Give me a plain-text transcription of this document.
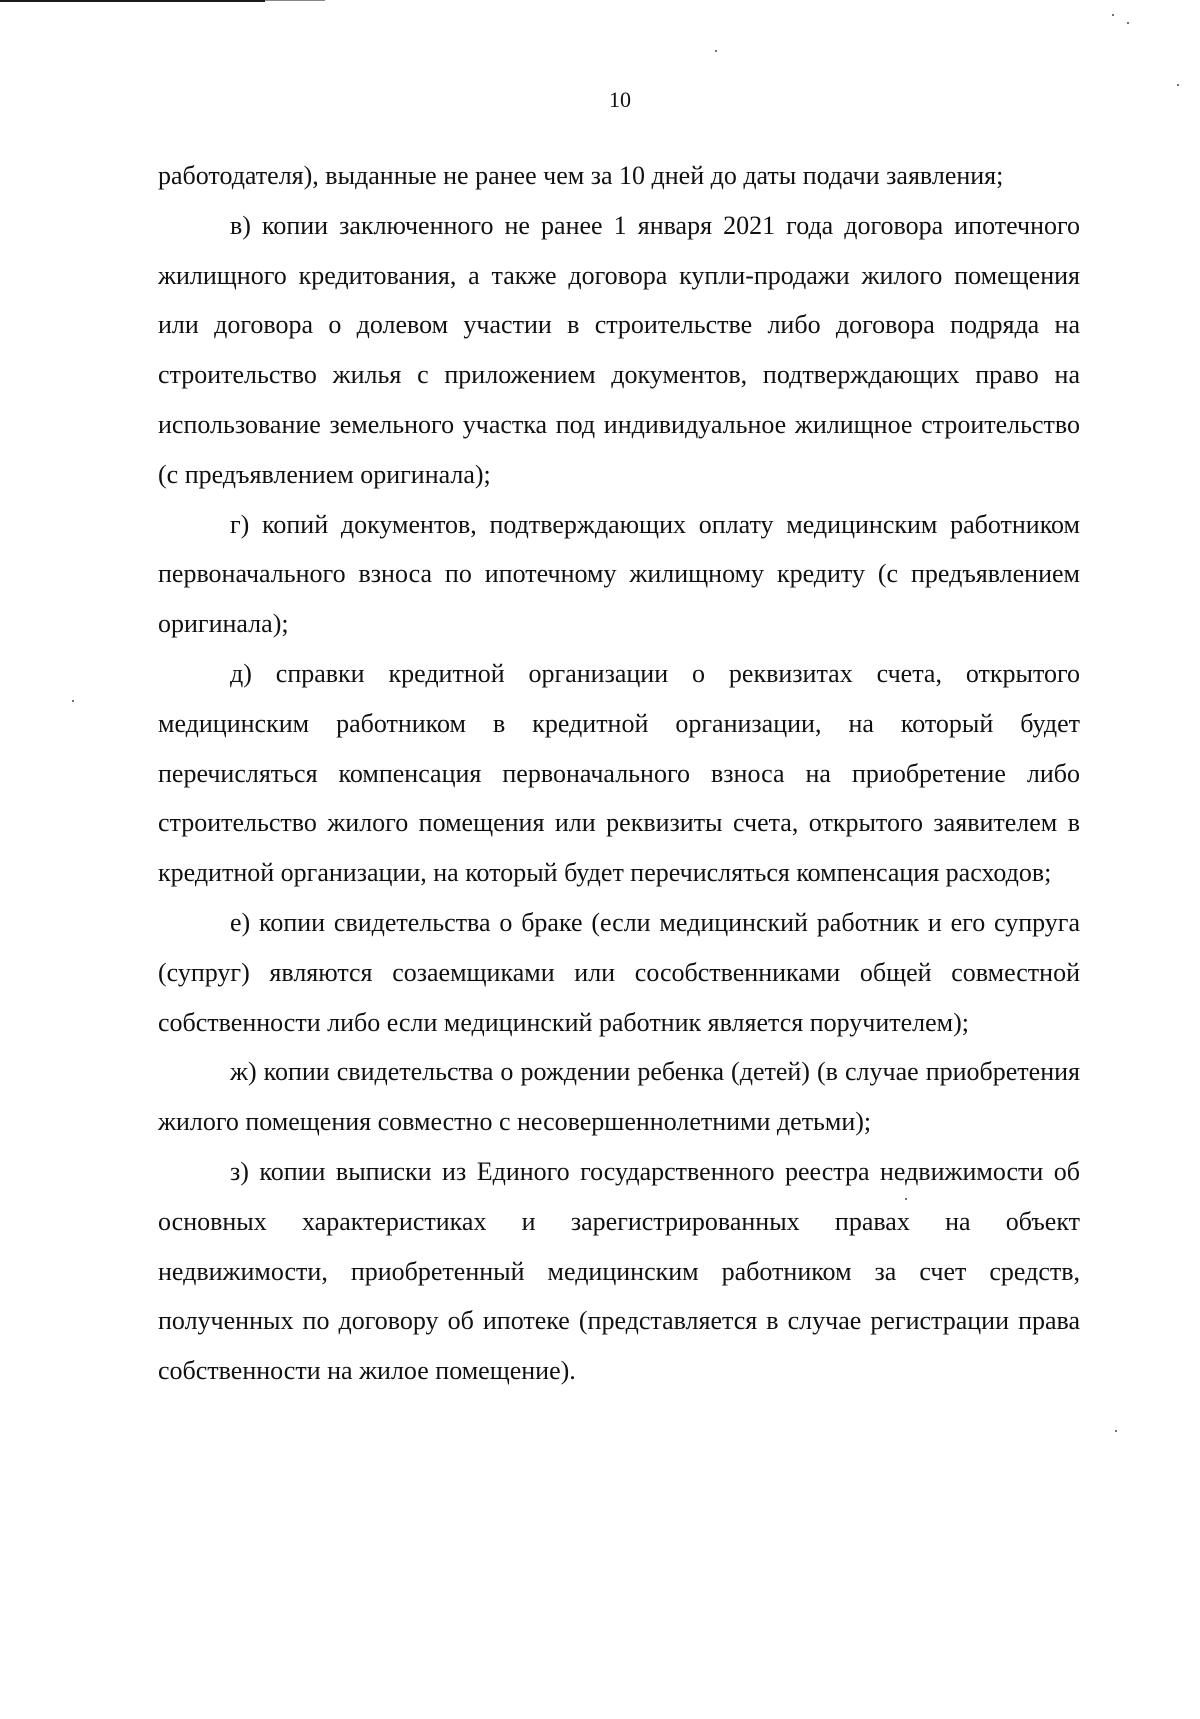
10

работодателя), выданные не ранее чем за 10 дней до даты подачи заявления;

в) копии заключенного не ранее 1 января 2021 года договора ипотечного жилищного кредитования, а также договора купли-продажи жилого помещения или договора о долевом участии в строительстве либо договора подряда на строительство жилья с приложением документов, подтверждающих право на использование земельного участка под индивидуальное жилищное строительство (с предъявлением оригинала);

г) копий документов, подтверждающих оплату медицинским работником первоначального взноса по ипотечному жилищному кредиту (с предъявлением оригинала);

д) справки кредитной организации о реквизитах счета, открытого медицинским работником в кредитной организации, на который будет перечисляться компенсация первоначального взноса на приобретение либо строительство жилого помещения или реквизиты счета, открытого заявителем в кредитной организации, на который будет перечисляться компенсация расходов;

е) копии свидетельства о браке (если медицинский работник и его супруга (супруг) являются созаемщиками или сособственниками общей совместной собственности либо если медицинский работник является поручителем);

ж) копии свидетельства о рождении ребенка (детей) (в случае приобретения жилого помещения совместно с несовершеннолетними детьми);

з) копии выписки из Единого государственного реестра недвижимости об основных характеристиках и зарегистрированных правах на объект недвижимости, приобретенный медицинским работником за счет средств, полученных по договору об ипотеке (представляется в случае регистрации права собственности на жилое помещение).
